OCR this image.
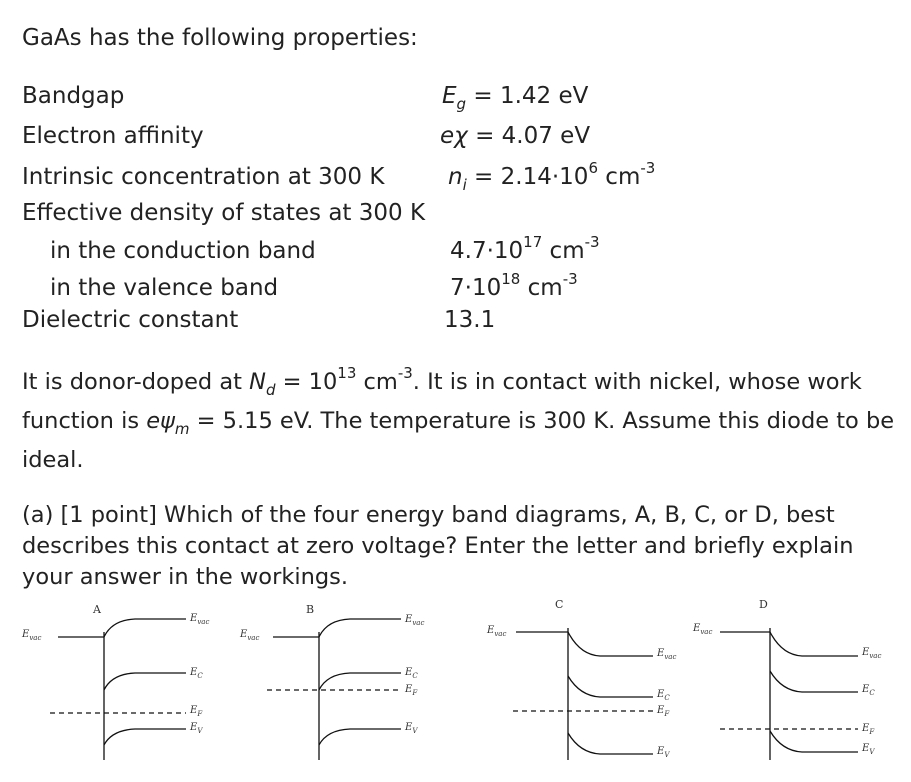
GaAs has the following properties:
Bandgap	$E_g = 1.42$ eV
Electron affinity	eχ = 4.07 eV
Intrinsic concentration at 300 K	$n_i = 2.14\cdot 10^6$ $cm^{-3}$
Effective density of states at 300 K
in the conduction band	$4.7\cdot 10^{17}$ $cm^{-3}$
in the valence band	$7\cdot 10^{18}$ $cm^{-3}$
Dielectric constant	13.1
It is donor-doped at $N_d = 10^{13}$ $cm^{-3}$. It is in contact with nickel, whose work function is $e\psi_m = 5.15$ eV. The temperature is 300 K. Assume this diode to be ideal.
(a) [1 point] Which of the four energy band diagrams, A, B, C, or D, best describes this contact at zero voltage? Enter the letter and briefly explain your answer in the workings.
A
$E_{vac}$
$E_{vac}$
$E_C$
$E_F$
$E_V$
B
$E_{vac}$
$E_{vac}$
$E_C$
$E_F$
$E_V$
C
$E_{vac}$
$E_{vac}$
$E_C$
$E_F$
$E_V$
D
$E_{vac}$
$E_{vac}$
$E_C$
$E_F$
$E_V$
